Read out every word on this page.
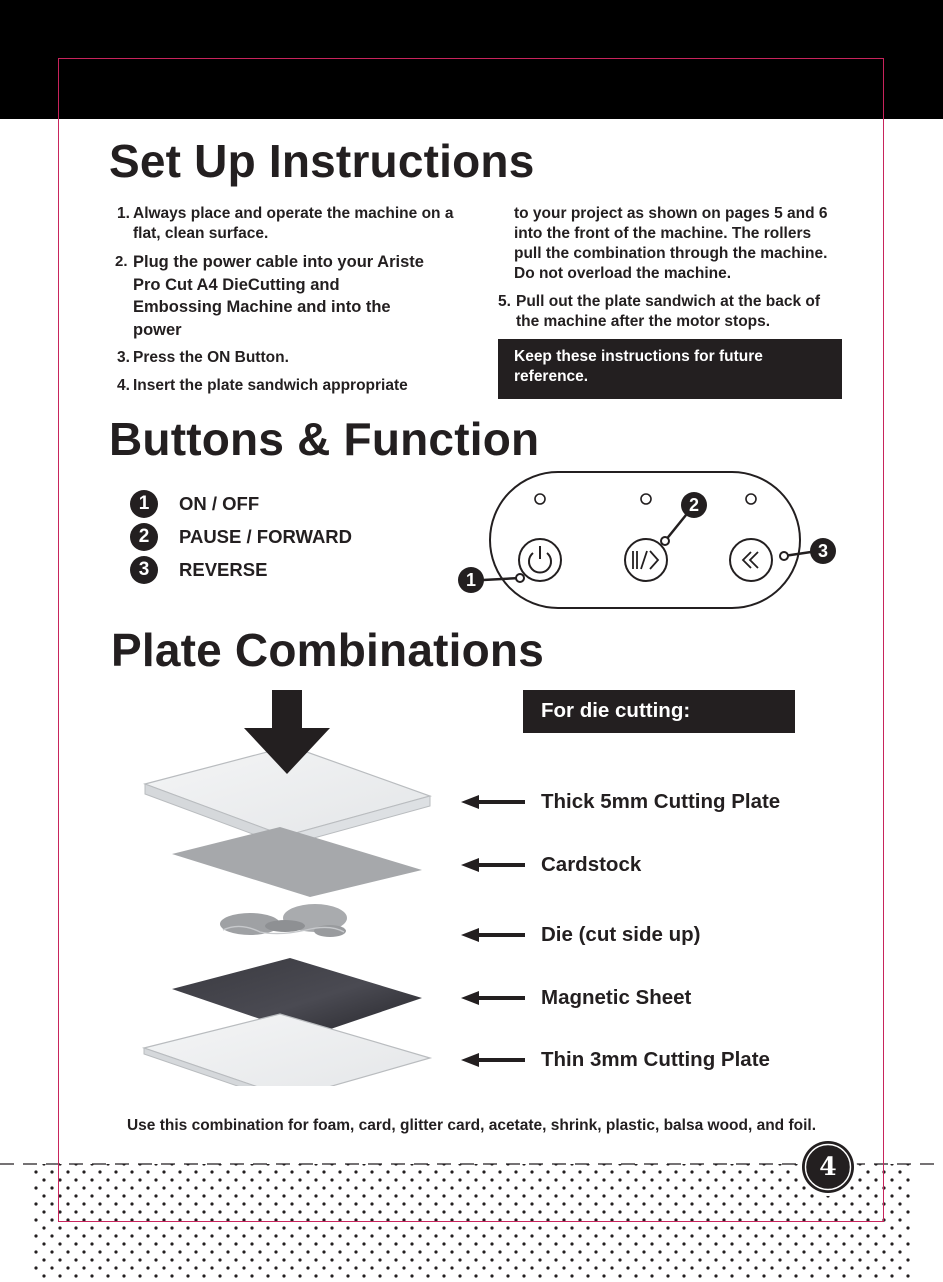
Set Up Instructions
1. Always place and operate the machine on a flat, clean surface.
2. Plug the power cable into your Ariste Pro Cut A4 DieCutting and Embossing Machine and into the power
3. Press the ON Button.
4. Insert the plate sandwich appropriate
to your project as shown on pages 5 and 6 into the front of the machine. The rollers pull the combination through the machine. Do not overload the machine.
5. Pull out the plate sandwich at the back of the machine after the motor stops.
Keep these instructions for future reference.
Buttons & Function
1	ON / OFF
2	PAUSE / FORWARD
3	REVERSE	1
2
3
Plate Combinations
For die cutting:
Thick 5mm Cutting Plate
Cardstock
Die (cut side up)
Magnetic Sheet
Thin 3mm Cutting Plate
Use this combination for foam, card, glitter card, acetate, shrink, plastic, balsa wood, and foil.
4
